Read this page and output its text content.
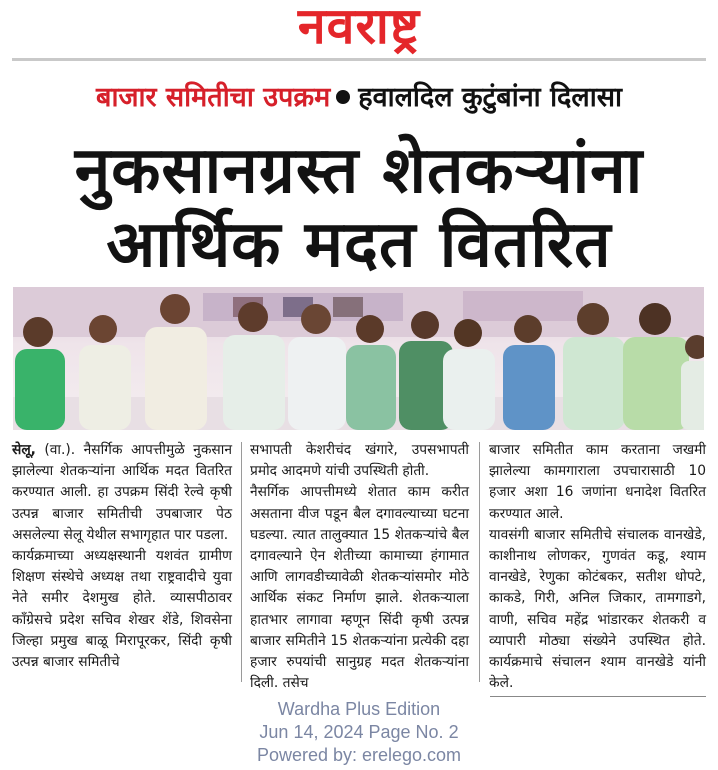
नवराष्ट्र
बाजार समितीचा उपक्रम हवालदिल कुटुंबांना दिलासा
नुकसानग्रस्त शेतकऱ्यांना
आर्थिक मदत वितरित

सेलू, (वा.). नैसर्गिक आपत्तीमुळे नुकसान झालेल्या शेतकऱ्यांना आर्थिक मदत वितरित करण्यात आली. हा उपक्रम सिंदी रेल्वे कृषी उत्पन्न बाजार समितीची उपबाजार पेठ असलेल्या सेलू येथील सभागृहात पार पडला.

कार्यक्रमाच्या अध्यक्षस्थानी यशवंत ग्रामीण शिक्षण संस्थेचे अध्यक्ष तथा राष्ट्रवादीचे युवा नेते समीर देशमुख होते. व्यासपीठावर काँग्रेसचे प्रदेश सचिव शेखर शेंडे, शिवसेना जिल्हा प्रमुख बाळू मिरापूरकर, सिंदी कृषी उत्पन्न बाजार समितीचे

सभापती केशरीचंद खंगारे, उपसभापती प्रमोद आदमणे यांची उपस्थिती होती.

नैसर्गिक आपत्तीमध्ये शेतात काम करीत असताना वीज पडून बैल दगावल्याच्या घटना घडल्या. त्यात तालुक्यात 15 शेतकऱ्यांचे बैल दगावल्याने ऐन शेतीच्या कामाच्या हंगामात आणि लागवडीच्यावेळी शेतकऱ्यांसमोर मोठे आर्थिक संकट निर्माण झाले. शेतकऱ्याला हातभार लागावा म्हणून सिंदी कृषी उत्पन्न बाजार समितीने 15 शेतकऱ्यांना प्रत्येकी दहा हजार रुपयांची सानुग्रह मदत शेतकऱ्यांना दिली. तसेच

बाजार समितीत काम करताना जखमी झालेल्या कामगाराला उपचारासाठी 10 हजार अशा 16 जणांना धनादेश वितरित करण्यात आले.

यावसंगी बाजार समितीचे संचालक वानखेडे, काशीनाथ लोणकर, गुणवंत कडू, श्याम वानखेडे, रेणुका कोटंबकर, सतीश धोपटे, काकडे, गिरी, अनिल जिकार, तामगाडगे, वाणी, सचिव महेंद्र भांडारकर शेतकरी व व्यापारी मोठ्या संख्येने उपस्थित होते. कार्यक्रमाचे संचालन श्याम वानखेडे यांनी केले.

Wardha Plus Edition
Jun 14, 2024 Page No. 2
Powered by: erelego.com
